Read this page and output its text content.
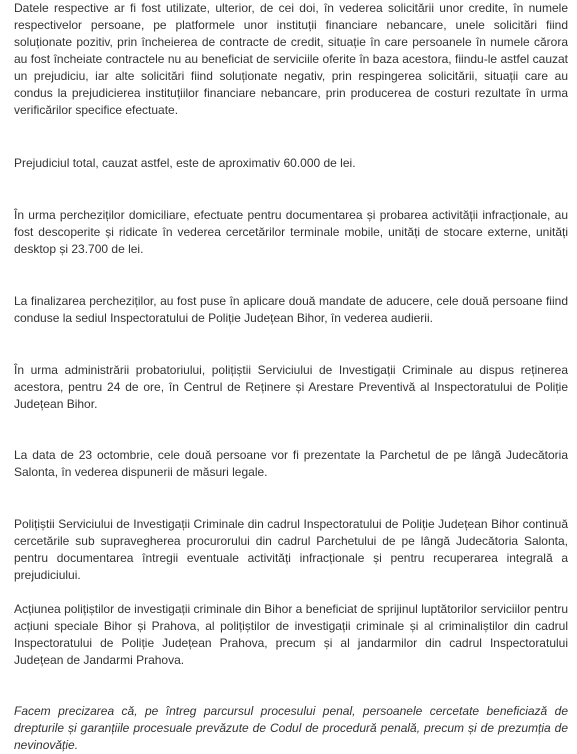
Datele respective ar fi fost utilizate, ulterior, de cei doi, în vederea solicitării unor credite, în numele respectivelor persoane, pe platformele unor instituții financiare nebancare, unele solicitări fiind soluționate pozitiv, prin încheierea de contracte de credit, situație în care persoanele în numele cărora au fost încheiate contractele nu au beneficiat de serviciile oferite în baza acestora, fiindu-le astfel cauzat un prejudiciu, iar alte solicitări fiind soluționate negativ, prin respingerea solicitării, situații care au condus la prejudicierea instituțiilor financiare nebancare, prin producerea de costuri rezultate în urma verificărilor specifice efectuate.

Prejudiciul total, cauzat astfel, este de aproximativ 60.000 de lei.

În urma percheziților domiciliare, efectuate pentru documentarea și probarea activității infracționale, au fost descoperite și ridicate în vederea cercetărilor terminale mobile, unități de stocare externe, unități desktop și 23.700 de lei.

La finalizarea percheziților, au fost puse în aplicare două mandate de aducere, cele două persoane fiind conduse la sediul Inspectoratului de Poliție Județean Bihor, în vederea audierii.

În urma administrării probatoriului, polițiștii Serviciului de Investigații Criminale au dispus reținerea acestora, pentru 24 de ore, în Centrul de Reținere și Arestare Preventivă al Inspectoratului de Poliție Județean Bihor.

La data de 23 octombrie, cele două persoane vor fi prezentate la Parchetul de pe lângă Judecătoria Salonta, în vederea dispunerii de măsuri legale.

Polițiștii Serviciului de Investigații Criminale din cadrul Inspectoratului de Poliție Județean Bihor continuă cercetările sub supravegherea procurorului din cadrul Parchetului de pe lângă Judecătoria Salonta, pentru documentarea întregii eventuale activități infracționale și pentru recuperarea integrală a prejudiciului.

Acțiunea polițiștilor de investigații criminale din Bihor a beneficiat de sprijinul luptătorilor serviciilor pentru acțiuni speciale Bihor și Prahova, al polițiștilor de investigații criminale și al criminaliștilor din cadrul Inspectoratului de Poliție Județean Prahova, precum și al jandarmilor din cadrul Inspectoratului Județean de Jandarmi Prahova.

Facem precizarea că, pe întreg parcursul procesului penal, persoanele cercetate beneficiază de drepturile și garanțiile procesuale prevăzute de Codul de procedură penală, precum și de prezumția de nevinovăție.
